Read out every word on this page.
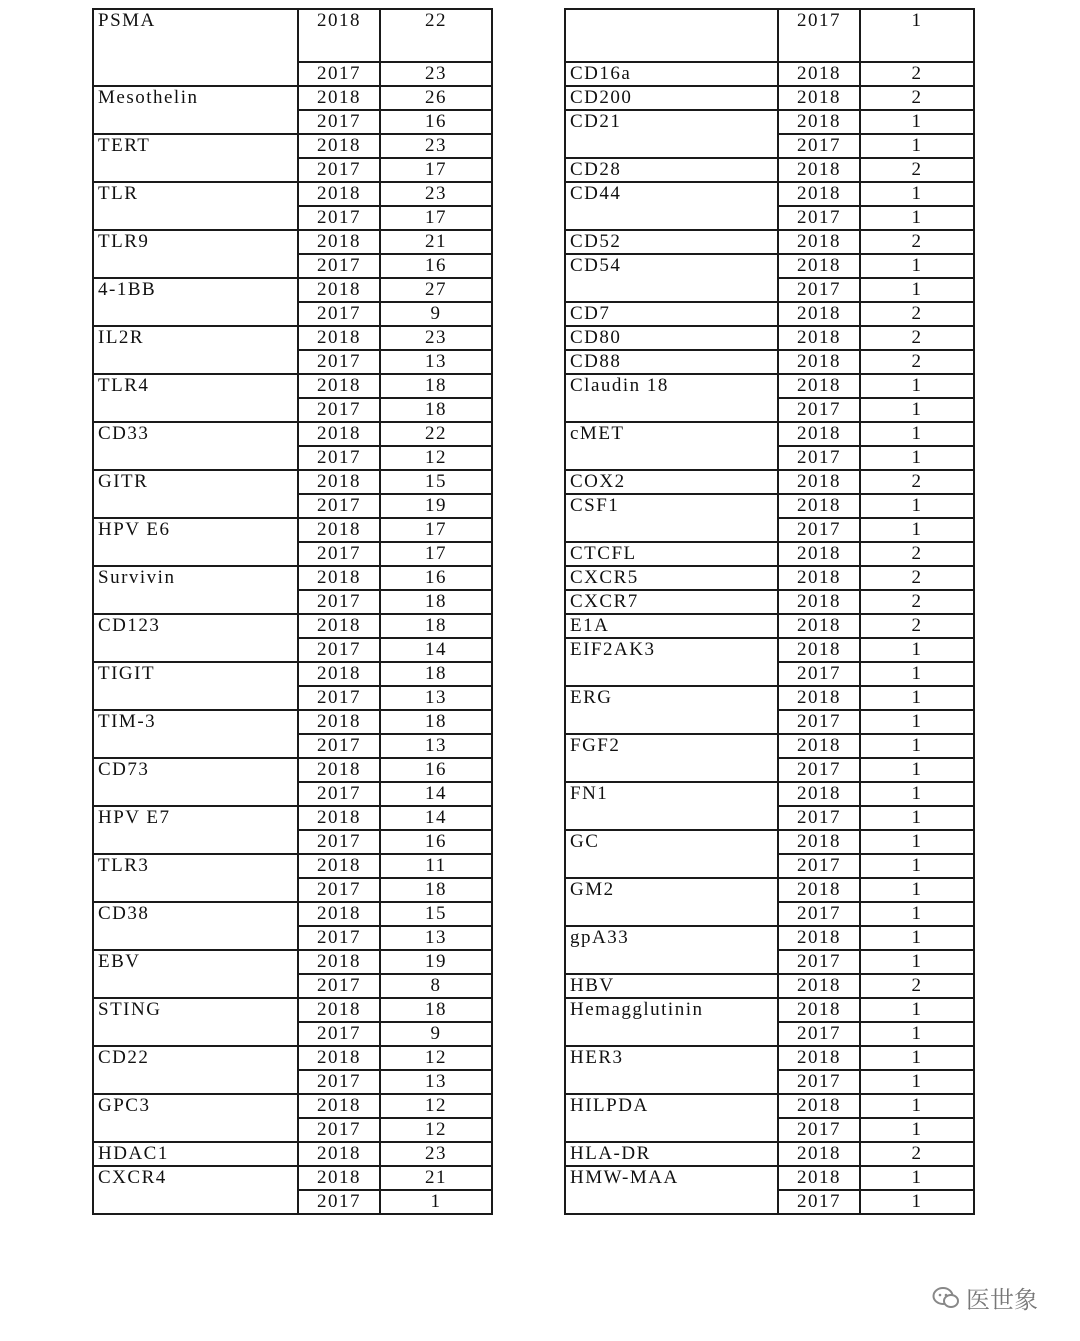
PSMA	2018	22
	2017	23
Mesothelin	2018	26
	2017	16
TERT	2018	23
	2017	17
TLR	2018	23
	2017	17
TLR9	2018	21
	2017	16
4-1BB	2018	27
	2017	9
IL2R	2018	23
	2017	13
TLR4	2018	18
	2017	18
CD33	2018	22
	2017	12
GITR	2018	15
	2017	19
HPV E6	2018	17
	2017	17
Survivin	2018	16
	2017	18
CD123	2018	18
	2017	14
TIGIT	2018	18
	2017	13
TIM-3	2018	18
	2017	13
CD73	2018	16
	2017	14
HPV E7	2018	14
	2017	16
TLR3	2018	11
	2017	18
CD38	2018	15
	2017	13
EBV	2018	19
	2017	8
STING	2018	18
	2017	9
CD22	2018	12
	2017	13
GPC3	2018	12
	2017	12
HDAC1	2018	23
CXCR4	2018	21
	2017	1
	2017	1
CD16a	2018	2
CD200	2018	2
CD21	2018	1
	2017	1
CD28	2018	2
CD44	2018	1
	2017	1
CD52	2018	2
CD54	2018	1
	2017	1
CD7	2018	2
CD80	2018	2
CD88	2018	2
Claudin 18	2018	1
	2017	1
cMET	2018	1
	2017	1
COX2	2018	2
CSF1	2018	1
	2017	1
CTCFL	2018	2
CXCR5	2018	2
CXCR7	2018	2
E1A	2018	2
EIF2AK3	2018	1
	2017	1
ERG	2018	1
	2017	1
FGF2	2018	1
	2017	1
FN1	2018	1
	2017	1
GC	2018	1
	2017	1
GM2	2018	1
	2017	1
gpA33	2018	1
	2017	1
HBV	2018	2
Hemagglutinin	2018	1
	2017	1
HER3	2018	1
	2017	1
HILPDA	2018	1
	2017	1
HLA-DR	2018	2
HMW-MAA	2018	1
	2017	1
医世象
